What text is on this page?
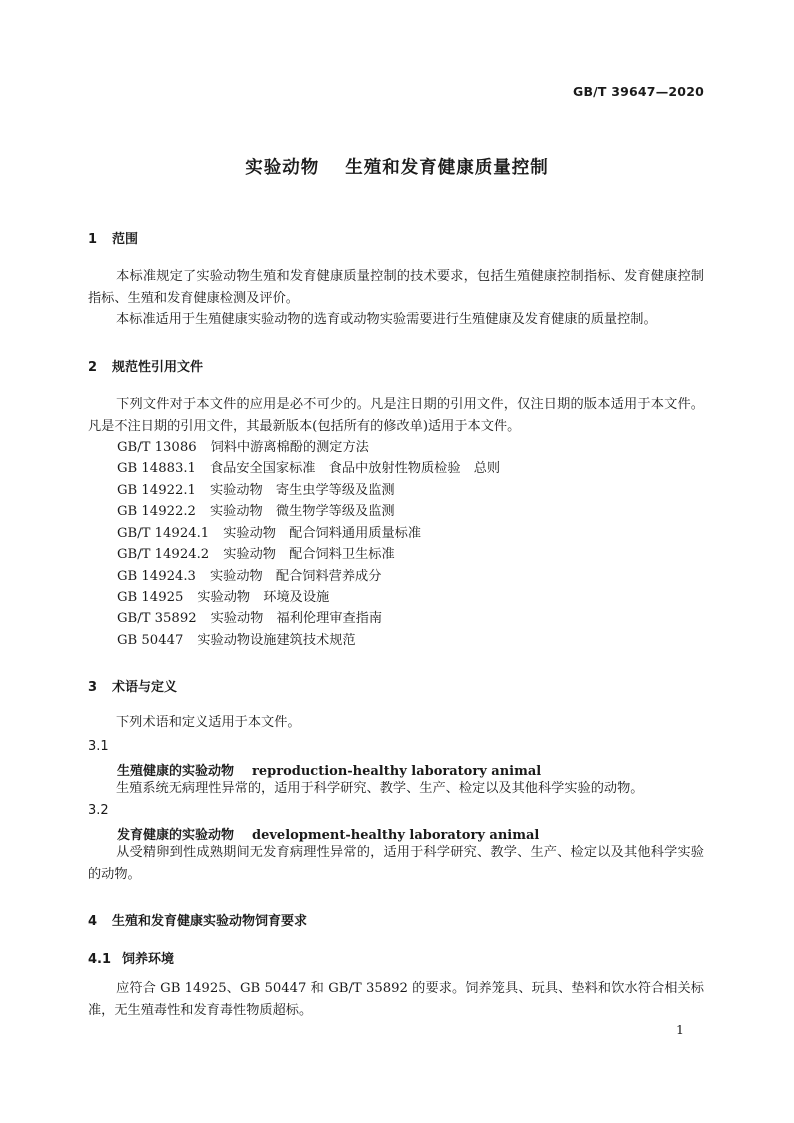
GB/T 39647—2020
实验动物 生殖和发育健康质量控制
1 范围
本标准规定了实验动物生殖和发育健康质量控制的技术要求，包括生殖健康控制指标、发育健康控制指标、生殖和发育健康检测及评价。
本标准适用于生殖健康实验动物的选育或动物实验需要进行生殖健康及发育健康的质量控制。
2 规范性引用文件
下列文件对于本文件的应用是必不可少的。凡是注日期的引用文件，仅注日期的版本适用于本文件。凡是不注日期的引用文件，其最新版本(包括所有的修改单)适用于本文件。
GB/T 13086 饲料中游离棉酚的测定方法
GB 14883.1 食品安全国家标准　食品中放射性物质检验　总则
GB 14922.1 实验动物　寄生虫学等级及监测
GB 14922.2 实验动物　微生物学等级及监测
GB/T 14924.1 实验动物　配合饲料通用质量标准
GB/T 14924.2 实验动物　配合饲料卫生标准
GB 14924.3 实验动物　配合饲料营养成分
GB 14925 实验动物　环境及设施
GB/T 35892 实验动物　福利伦理审查指南
GB 50447 实验动物设施建筑技术规范
3 术语与定义
下列术语和定义适用于本文件。
3.1
生殖健康的实验动物 reproduction-healthy laboratory animal
生殖系统无病理性异常的，适用于科学研究、教学、生产、检定以及其他科学实验的动物。
3.2
发育健康的实验动物 development-healthy laboratory animal
从受精卵到性成熟期间无发育病理性异常的，适用于科学研究、教学、生产、检定以及其他科学实验的动物。
4 生殖和发育健康实验动物饲育要求
4.1 饲养环境
应符合 GB 14925、GB 50447 和 GB/T 35892 的要求。饲养笼具、玩具、垫料和饮水符合相关标准，无生殖毒性和发育毒性物质超标。
1
